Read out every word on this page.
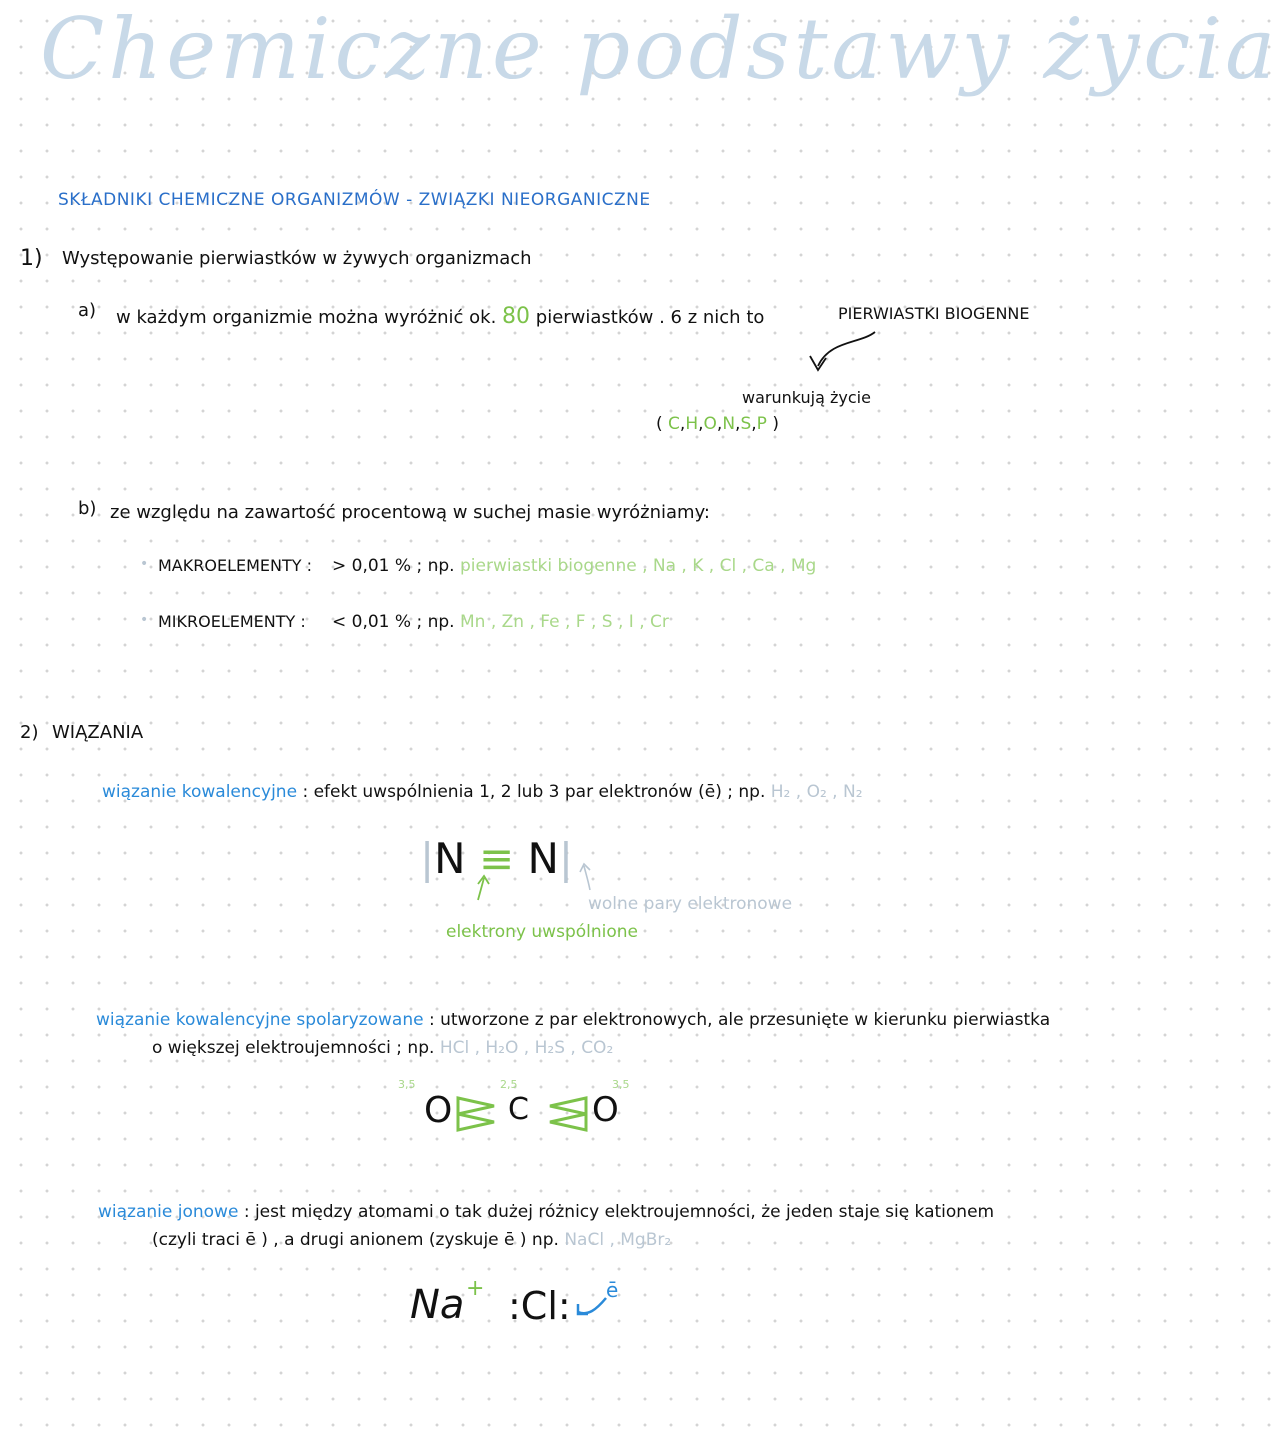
Chemiczne podstawy życia
SKŁADNIKI CHEMICZNE ORGANIZMÓW - ZWIĄZKI NIEORGANICZNE
1) Występowanie pierwiastków w żywych organizmach
a) w każdym organizmie można wyróżnić ok. 80 pierwiastków . 6 z nich to	PIERWIASTKI BIOGENNE
warunkują życie
( C,H,O,N,S,P )
b) ze względu na zawartość procentową w suchej masie wyróżniamy:
• MAKROELEMENTY : > 0,01 % ; np. pierwiastki biogenne , Na , K , Cl , Ca , Mg
• MIKROELEMENTY : < 0,01 % ; np. Mn , Zn , Fe , F , S , I , Cr
2) WIĄZANIA
wiązanie kowalencyjne : efekt uwspólnienia 1, 2 lub 3 par elektronów (ē) ; np. H₂ , O₂ , N₂
|N ≡ N|
wolne pary elektronowe
elektrony uwspólnione
wiązanie kowalencyjne spolaryzowane : utworzone z par elektronowych, ale przesunięte w kierunku pierwiastka
o większej elektroujemności ; np. HCl , H₂O , H₂S , CO₂
3,5	2,5	3,5
O C O
wiązanie jonowe : jest między atomami o tak dużej różnicy elektroujemności, że jeden staje się kationem
(czyli traci ē ) , a drugi anionem (zyskuje ē ) np. NaCl , MgBr₂
Na + :Cl: ē
